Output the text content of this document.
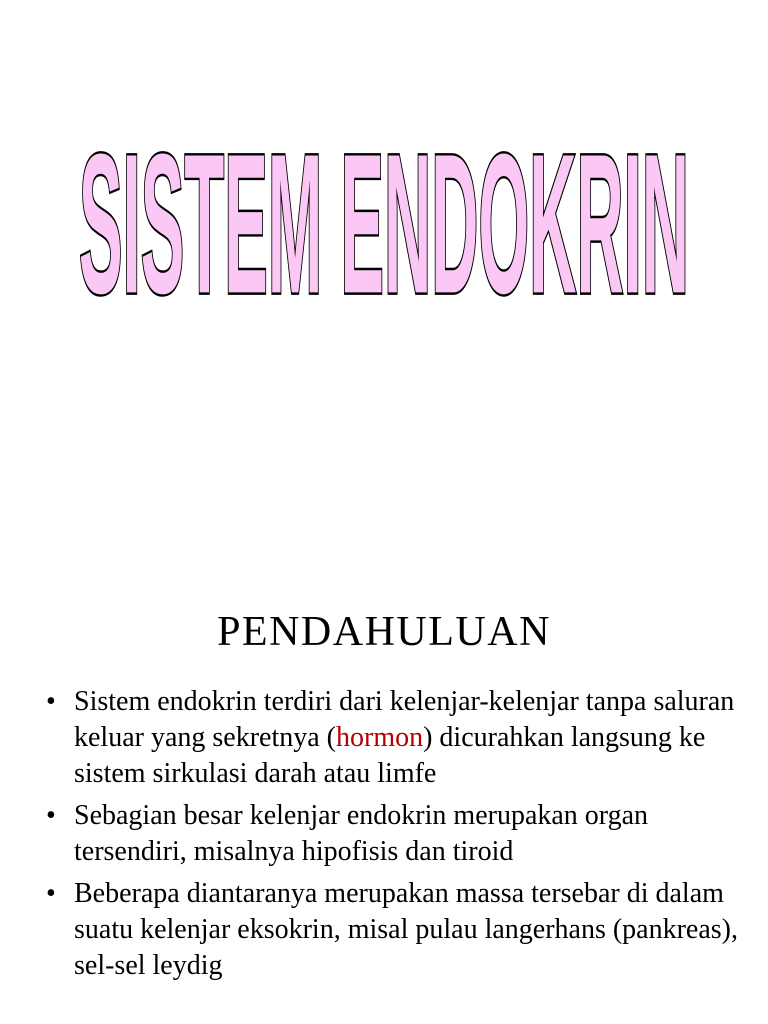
SISTEM ENDOKRIN
PENDAHULUAN
• Sistem endokrin terdiri dari kelenjar-kelenjar tanpa saluran keluar yang sekretnya (hormon) dicurahkan langsung ke sistem sirkulasi darah atau limfe
• Sebagian besar kelenjar endokrin merupakan organ tersendiri, misalnya hipofisis dan tiroid
• Beberapa diantaranya merupakan massa tersebar di dalam suatu kelenjar eksokrin, misal pulau langerhans (pankreas), sel-sel leydig
